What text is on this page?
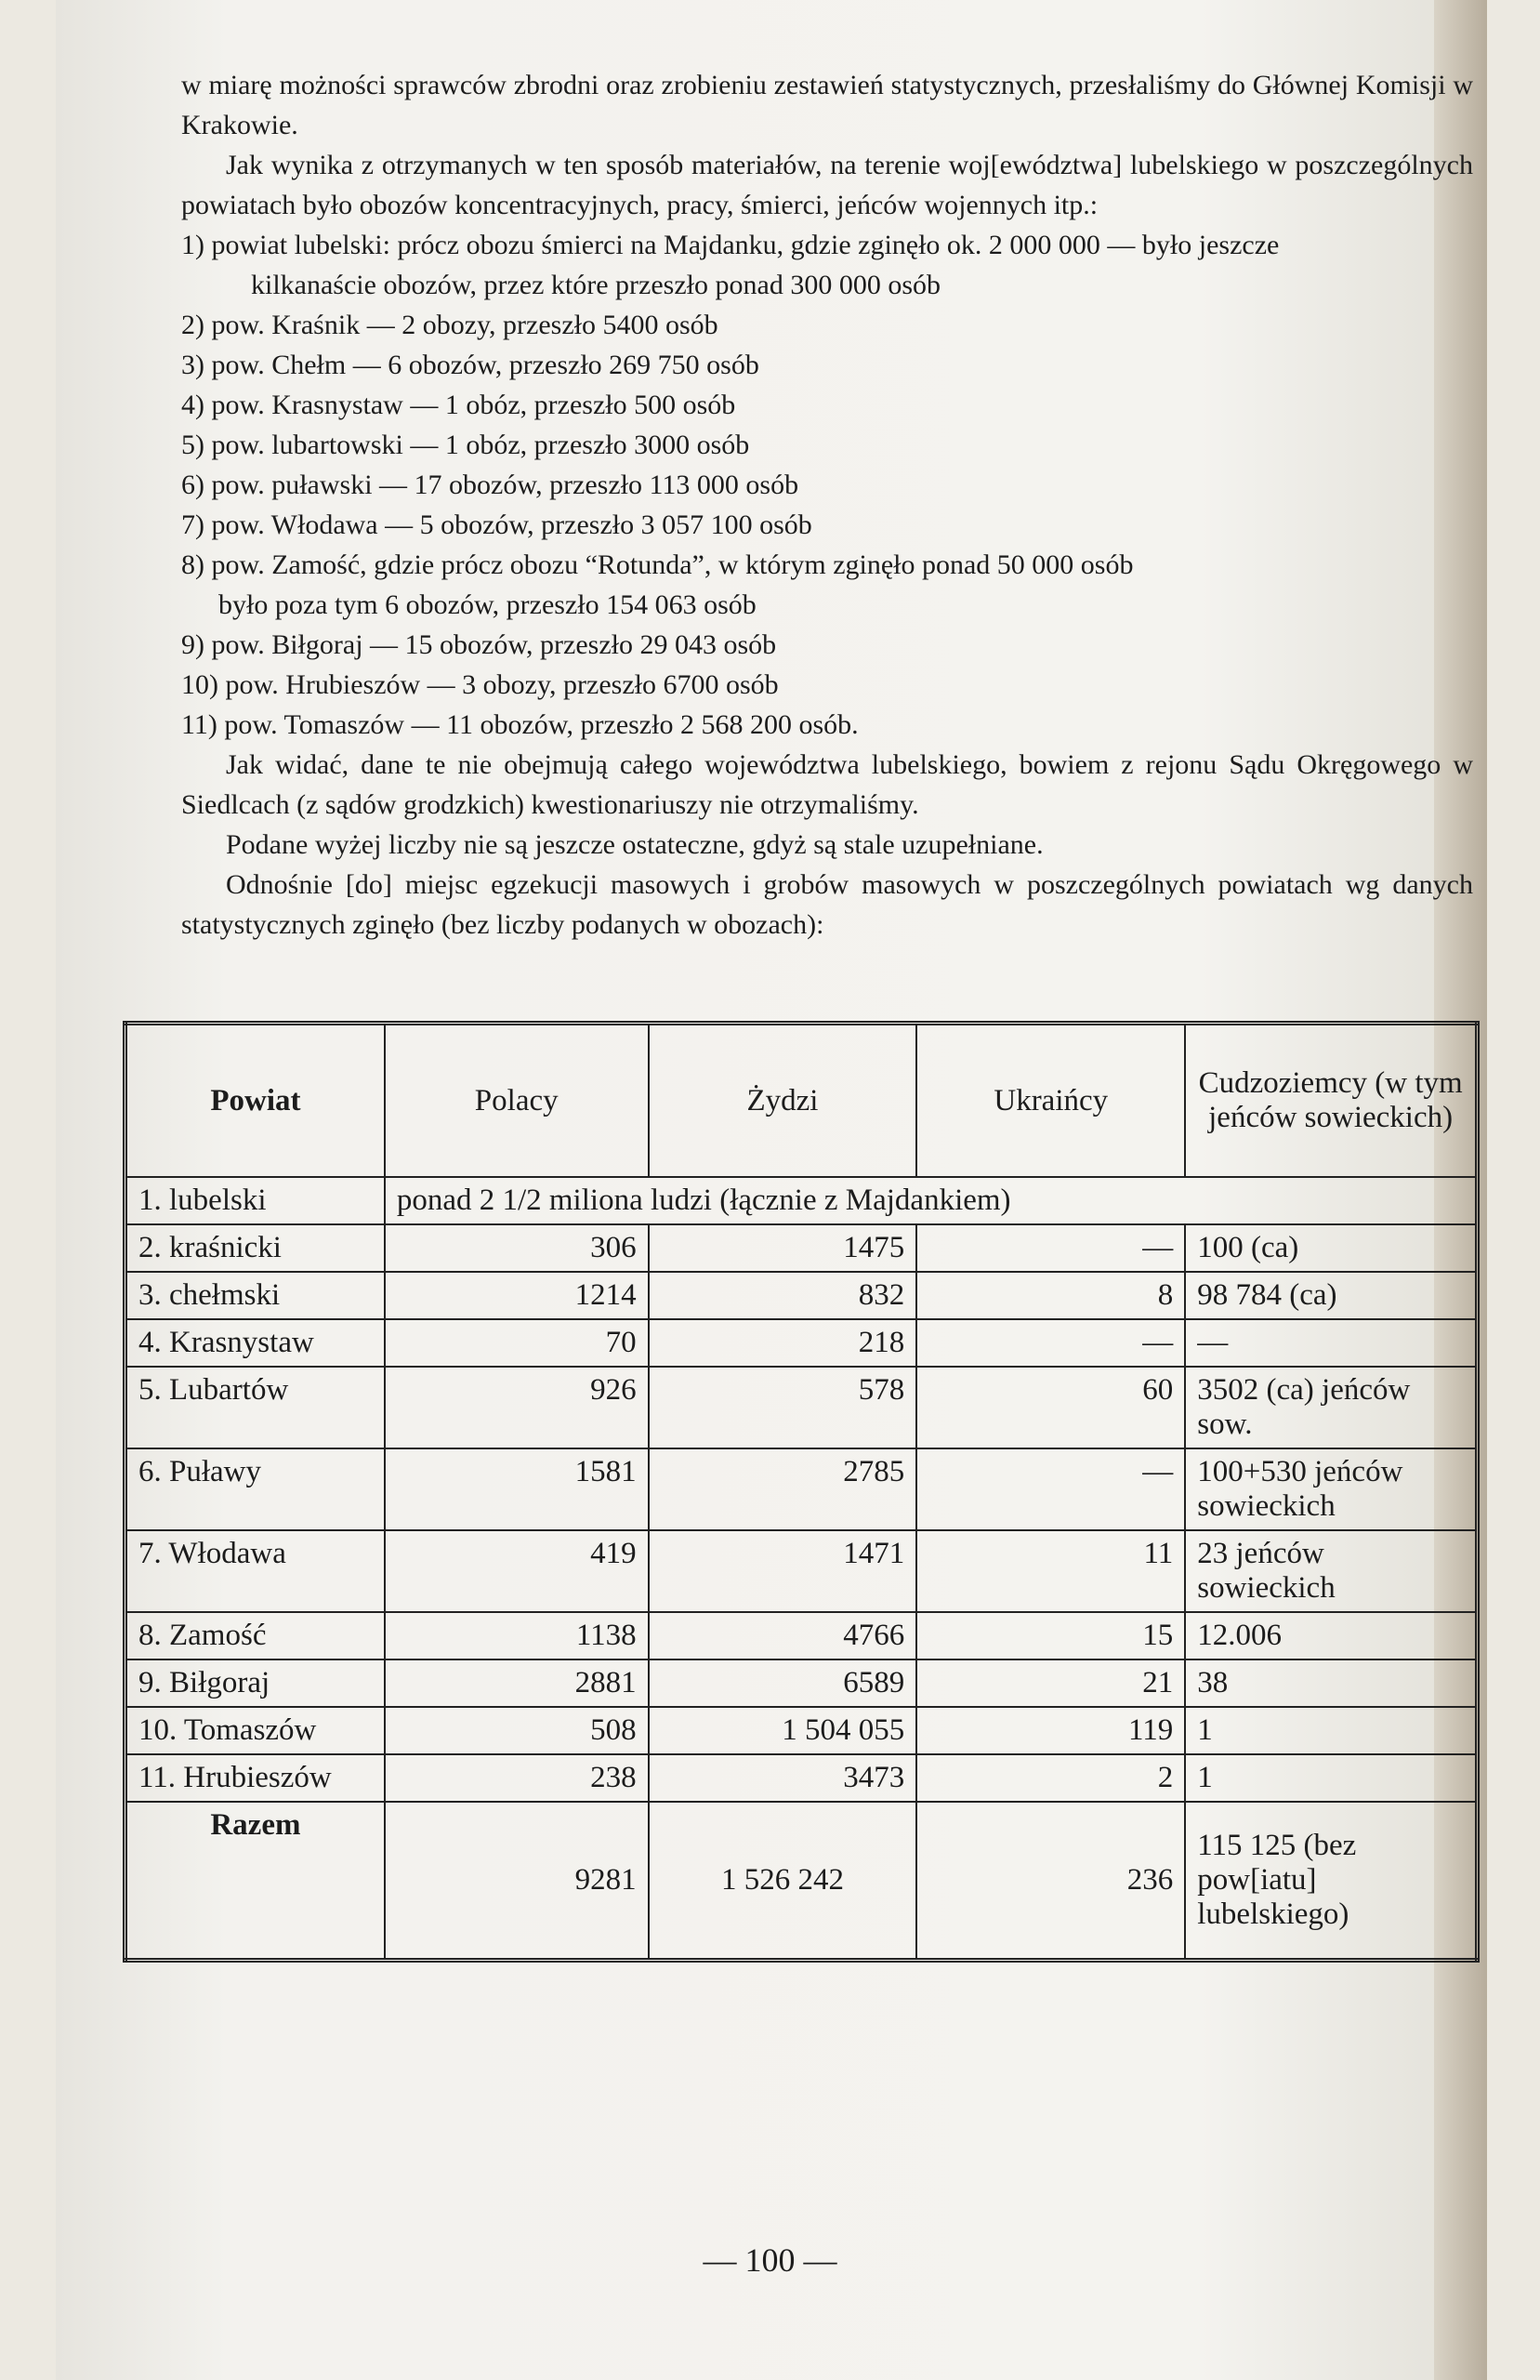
w miarę możności sprawców zbrodni oraz zrobieniu zestawień statystycznych, przesłaliśmy do Głównej Komisji w Krakowie.

Jak wynika z otrzymanych w ten sposób materiałów, na terenie woj[ewództwa] lubelskiego w poszczególnych powiatach było obozów koncentracyjnych, pracy, śmierci, jeńców wojennych itp.:

1) powiat lubelski: prócz obozu śmierci na Majdanku, gdzie zginęło ok. 2 000 000 — było jeszcze

kilkanaście obozów, przez które przeszło ponad 300 000 osób

2) pow. Kraśnik — 2 obozy, przeszło 5400 osób

3) pow. Chełm — 6 obozów, przeszło 269 750 osób

4) pow. Krasnystaw — 1 obóz, przeszło 500 osób

5) pow. lubartowski — 1 obóz, przeszło 3000 osób

6) pow. puławski — 17 obozów, przeszło 113 000 osób

7) pow. Włodawa — 5 obozów, przeszło 3 057 100 osób

8) pow. Zamość, gdzie prócz obozu “Rotunda”, w którym zginęło ponad 50 000 osób

było poza tym 6 obozów, przeszło 154 063 osób

9) pow. Biłgoraj — 15 obozów, przeszło 29 043 osób

10) pow. Hrubieszów — 3 obozy, przeszło 6700 osób

11) pow. Tomaszów — 11 obozów, przeszło 2 568 200 osób.

Jak widać, dane te nie obejmują całego województwa lubelskiego, bowiem z rejonu Sądu Okręgowego w Siedlcach (z sądów grodzkich) kwestionariuszy nie otrzymaliśmy.

Podane wyżej liczby nie są jeszcze ostateczne, gdyż są stale uzupełniane.

Odnośnie [do] miejsc egzekucji masowych i grobów masowych w poszczególnych powiatach wg danych statystycznych zginęło (bez liczby podanych w obozach):

Powiat	Polacy	Żydzi	Ukraińcy	Cudzoziemcy (w tym jeńców sowieckich)
1. lubelski	ponad 2 1/2 miliona ludzi (łącznie z Majdankiem)			
2. kraśnicki	306	1475	—	100 (ca)
3. chełmski	1214	832	8	98 784 (ca)
4. Krasnystaw	70	218	—	—
5. Lubartów	926	578	60	3502 (ca) jeńców sow.
6. Puławy	1581	2785	—	100+530 jeńców sowieckich
7. Włodawa	419	1471	11	23 jeńców sowieckich
8. Zamość	1138	4766	15	12.006
9. Biłgoraj	2881	6589	21	38
10. Tomaszów	508	1 504 055	119	1
11. Hrubieszów	238	3473	2	1
Razem	9281	1 526 242	236	115 125 (bez pow[iatu] lubelskiego)
— 100 —
